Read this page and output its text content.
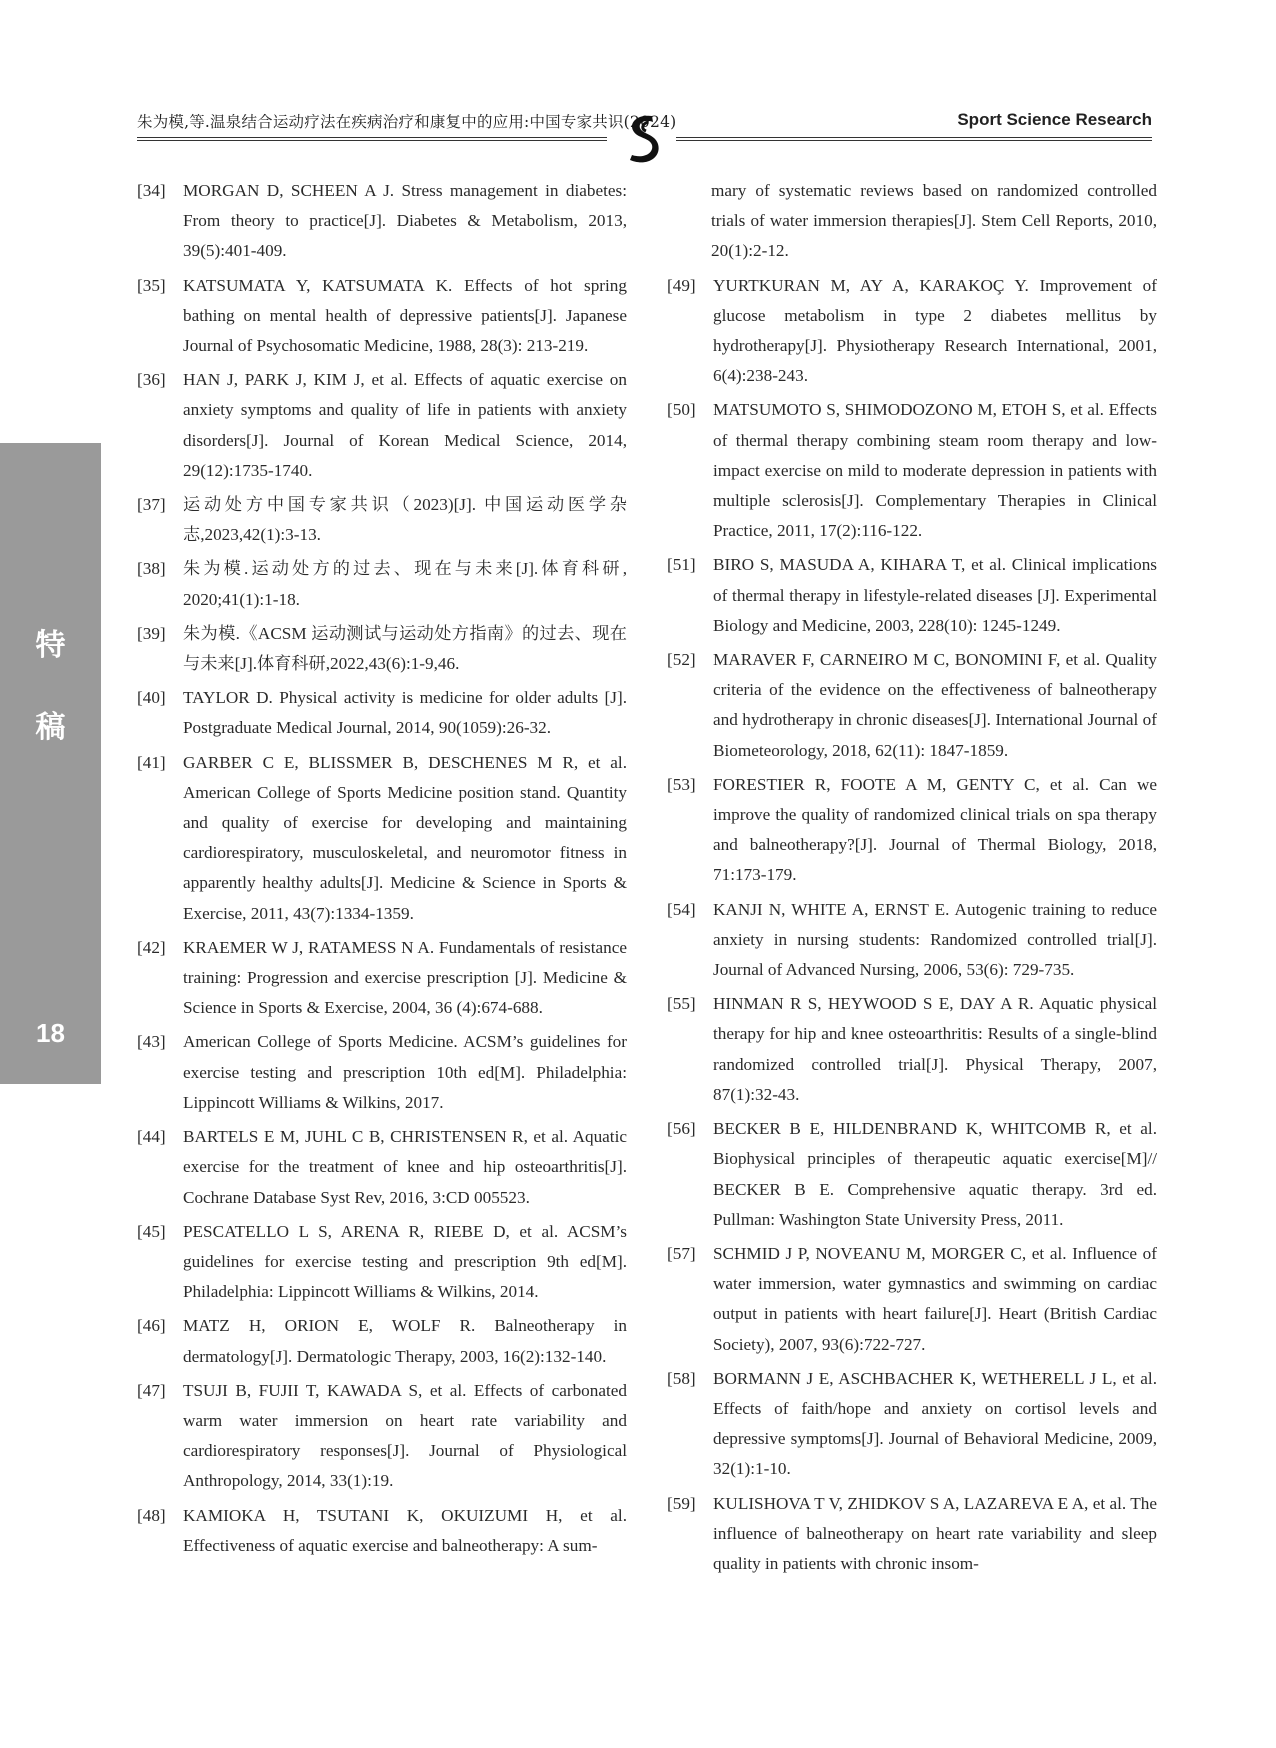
朱为模,等.温泉结合运动疗法在疾病治疗和康复中的应用:中国专家共识(2024)	Sport Science Research
特
稿
18
[34] MORGAN D, SCHEEN A J. Stress management in diabetes: From theory to practice[J]. Diabetes & Metabolism, 2013, 39(5):401-409.
[35] KATSUMATA Y, KATSUMATA K. Effects of hot spring bathing on mental health of depressive patients[J]. Japanese Journal of Psychosomatic Medicine, 1988, 28(3): 213-219.
[36] HAN J, PARK J, KIM J, et al. Effects of aquatic exercise on anxiety symptoms and quality of life in patients with anxiety disorders[J]. Journal of Korean Medical Science, 2014, 29(12):1735-1740.
[37] 运动处方中国专家共识（2023)[J]. 中国运动医学杂志,2023,42(1):3-13.
[38] 朱为模.运动处方的过去、现在与未来[J].体育科研, 2020;41(1):1-18.
[39] 朱为模.《ACSM 运动测试与运动处方指南》的过去、现在与未来[J].体育科研,2022,43(6):1-9,46.
[40] TAYLOR D. Physical activity is medicine for older adults [J]. Postgraduate Medical Journal, 2014, 90(1059):26-32.
[41] GARBER C E, BLISSMER B, DESCHENES M R, et al. American College of Sports Medicine position stand. Quantity and quality of exercise for developing and maintaining cardiorespiratory, musculoskeletal, and neuromotor fitness in apparently healthy adults[J]. Medicine & Science in Sports & Exercise, 2011, 43(7):1334-1359.
[42] KRAEMER W J, RATAMESS N A. Fundamentals of resistance training: Progression and exercise prescription [J]. Medicine & Science in Sports & Exercise, 2004, 36 (4):674-688.
[43] American College of Sports Medicine. ACSM’s guidelines for exercise testing and prescription 10th ed[M]. Philadelphia: Lippincott Williams & Wilkins, 2017.
[44] BARTELS E M, JUHL C B, CHRISTENSEN R, et al. Aquatic exercise for the treatment of knee and hip osteoarthritis[J]. Cochrane Database Syst Rev, 2016, 3:CD 005523.
[45] PESCATELLO L S, ARENA R, RIEBE D, et al. ACSM’s guidelines for exercise testing and prescription 9th ed[M]. Philadelphia: Lippincott Williams & Wilkins, 2014.
[46] MATZ H, ORION E, WOLF R. Balneotherapy in dermatology[J]. Dermatologic Therapy, 2003, 16(2):132-140.
[47] TSUJI B, FUJII T, KAWADA S, et al. Effects of carbonated warm water immersion on heart rate variability and cardiorespiratory responses[J]. Journal of Physiological Anthropology, 2014, 33(1):19.
[48] KAMIOKA H, TSUTANI K, OKUIZUMI H, et al. Effectiveness of aquatic exercise and balneotherapy: A sum-
mary of systematic reviews based on randomized controlled trials of water immersion therapies[J]. Stem Cell Reports, 2010, 20(1):2-12.
[49] YURTKURAN M, AY A, KARAKOÇ Y. Improvement of glucose metabolism in type 2 diabetes mellitus by hydrotherapy[J]. Physiotherapy Research International, 2001, 6(4):238-243.
[50] MATSUMOTO S, SHIMODOZONO M, ETOH S, et al. Effects of thermal therapy combining steam room therapy and low-impact exercise on mild to moderate depression in patients with multiple sclerosis[J]. Complementary Therapies in Clinical Practice, 2011, 17(2):116-122.
[51] BIRO S, MASUDA A, KIHARA T, et al. Clinical implications of thermal therapy in lifestyle-related diseases [J]. Experimental Biology and Medicine, 2003, 228(10): 1245-1249.
[52] MARAVER F, CARNEIRO M C, BONOMINI F, et al. Quality criteria of the evidence on the effectiveness of balneotherapy and hydrotherapy in chronic diseases[J]. International Journal of Biometeorology, 2018, 62(11): 1847-1859.
[53] FORESTIER R, FOOTE A M, GENTY C, et al. Can we improve the quality of randomized clinical trials on spa therapy and balneotherapy?[J]. Journal of Thermal Biology, 2018, 71:173-179.
[54] KANJI N, WHITE A, ERNST E. Autogenic training to reduce anxiety in nursing students: Randomized controlled trial[J]. Journal of Advanced Nursing, 2006, 53(6): 729-735.
[55] HINMAN R S, HEYWOOD S E, DAY A R. Aquatic physical therapy for hip and knee osteoarthritis: Results of a single-blind randomized controlled trial[J]. Physical Therapy, 2007, 87(1):32-43.
[56] BECKER B E, HILDENBRAND K, WHITCOMB R, et al. Biophysical principles of therapeutic aquatic exercise[M]// BECKER B E. Comprehensive aquatic therapy. 3rd ed. Pullman: Washington State University Press, 2011.
[57] SCHMID J P, NOVEANU M, MORGER C, et al. Influence of water immersion, water gymnastics and swimming on cardiac output in patients with heart failure[J]. Heart (British Cardiac Society), 2007, 93(6):722-727.
[58] BORMANN J E, ASCHBACHER K, WETHERELL J L, et al. Effects of faith/hope and anxiety on cortisol levels and depressive symptoms[J]. Journal of Behavioral Medicine, 2009, 32(1):1-10.
[59] KULISHOVA T V, ZHIDKOV S A, LAZAREVA E A, et al. The influence of balneotherapy on heart rate variability and sleep quality in patients with chronic insom-
